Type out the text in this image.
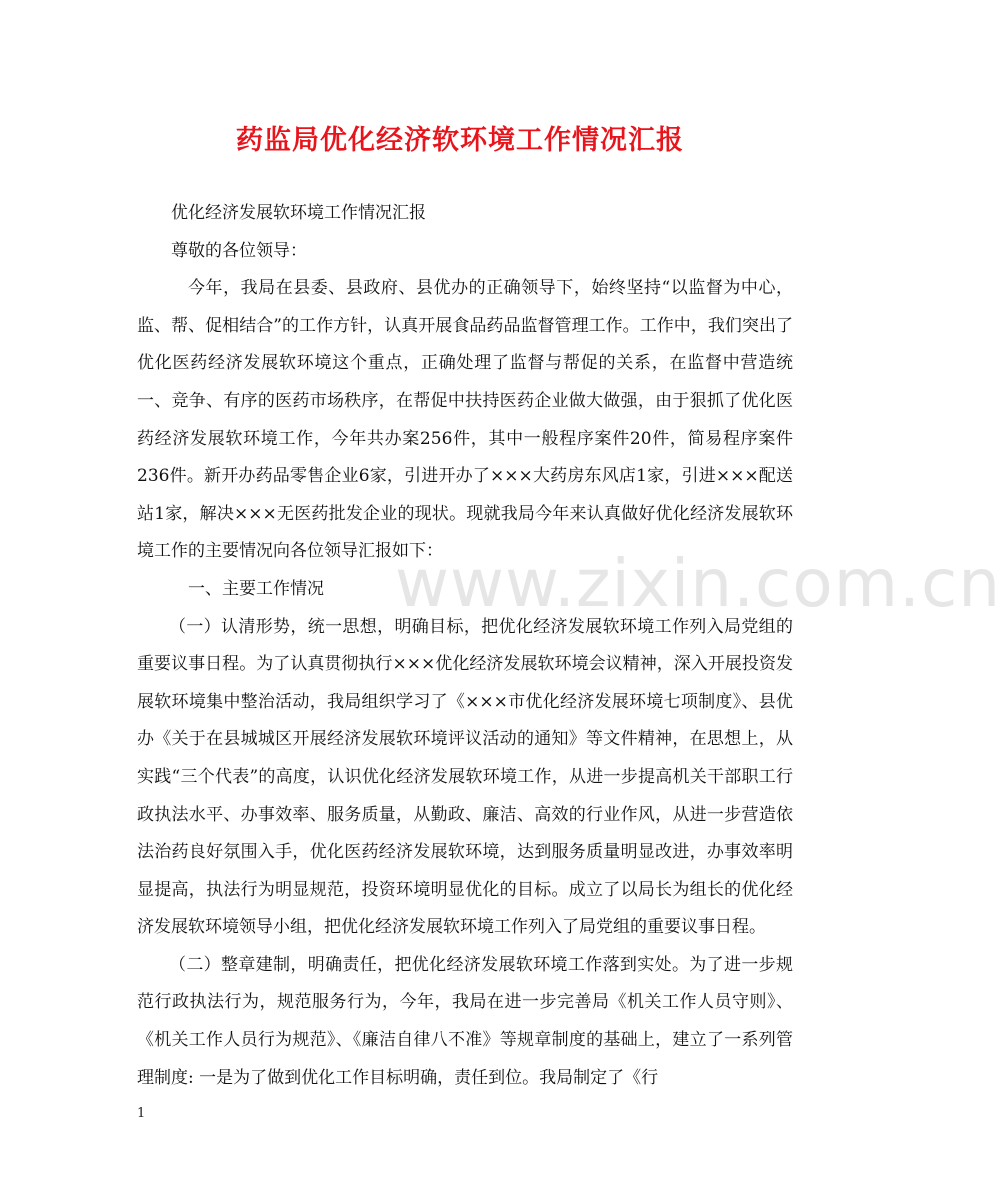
www.zixin.com.cn
药监局优化经济软环境工作情况汇报

优化经济发展软环境工作情况汇报

尊敬的各位领导：

今年，我局在县委、县政府、县优办的正确领导下，始终坚持“以监督为中心，监、帮、促相结合”的工作方针，认真开展食品药品监督管理工作。工作中，我们突出了优化医药经济发展软环境这个重点，正确处理了监督与帮促的关系，在监督中营造统一、竞争、有序的医药市场秩序，在帮促中扶持医药企业做大做强，由于狠抓了优化医药经济发展软环境工作，今年共办案256件，其中一般程序案件20件，简易程序案件236件。新开办药品零售企业6家，引进开办了×××大药房东风店1家，引进×××配送站1家，解决×××无医药批发企业的现状。现就我局今年来认真做好优化经济发展软环境工作的主要情况向各位领导汇报如下：

一、主要工作情况

（一）认清形势，统一思想，明确目标，把优化经济发展软环境工作列入局党组的重要议事日程。为了认真贯彻执行×××优化经济发展软环境会议精神，深入开展投资发展软环境集中整治活动，我局组织学习了《×××市优化经济发展环境七项制度》、县优办《关于在县城城区开展经济发展软环境评议活动的通知》等文件精神，在思想上，从实践“三个代表”的高度，认识优化经济发展软环境工作，从进一步提高机关干部职工行政执法水平、办事效率、服务质量，从勤政、廉洁、高效的行业作风，从进一步营造依法治药良好氛围入手，优化医药经济发展软环境，达到服务质量明显改进，办事效率明显提高，执法行为明显规范，投资环境明显优化的目标。成立了以局长为组长的优化经济发展软环境领导小组，把优化经济发展软环境工作列入了局党组的重要议事日程。

（二）整章建制，明确责任，把优化经济发展软环境工作落到实处。为了进一步规范行政执法行为，规范服务行为，今年，我局在进一步完善局《机关工作人员守则》、《机关工作人员行为规范》、《廉洁自律八不准》等规章制度的基础上，建立了一系列管理制度: 一是为了做到优化工作目标明确，责任到位。我局制定了《行

1
